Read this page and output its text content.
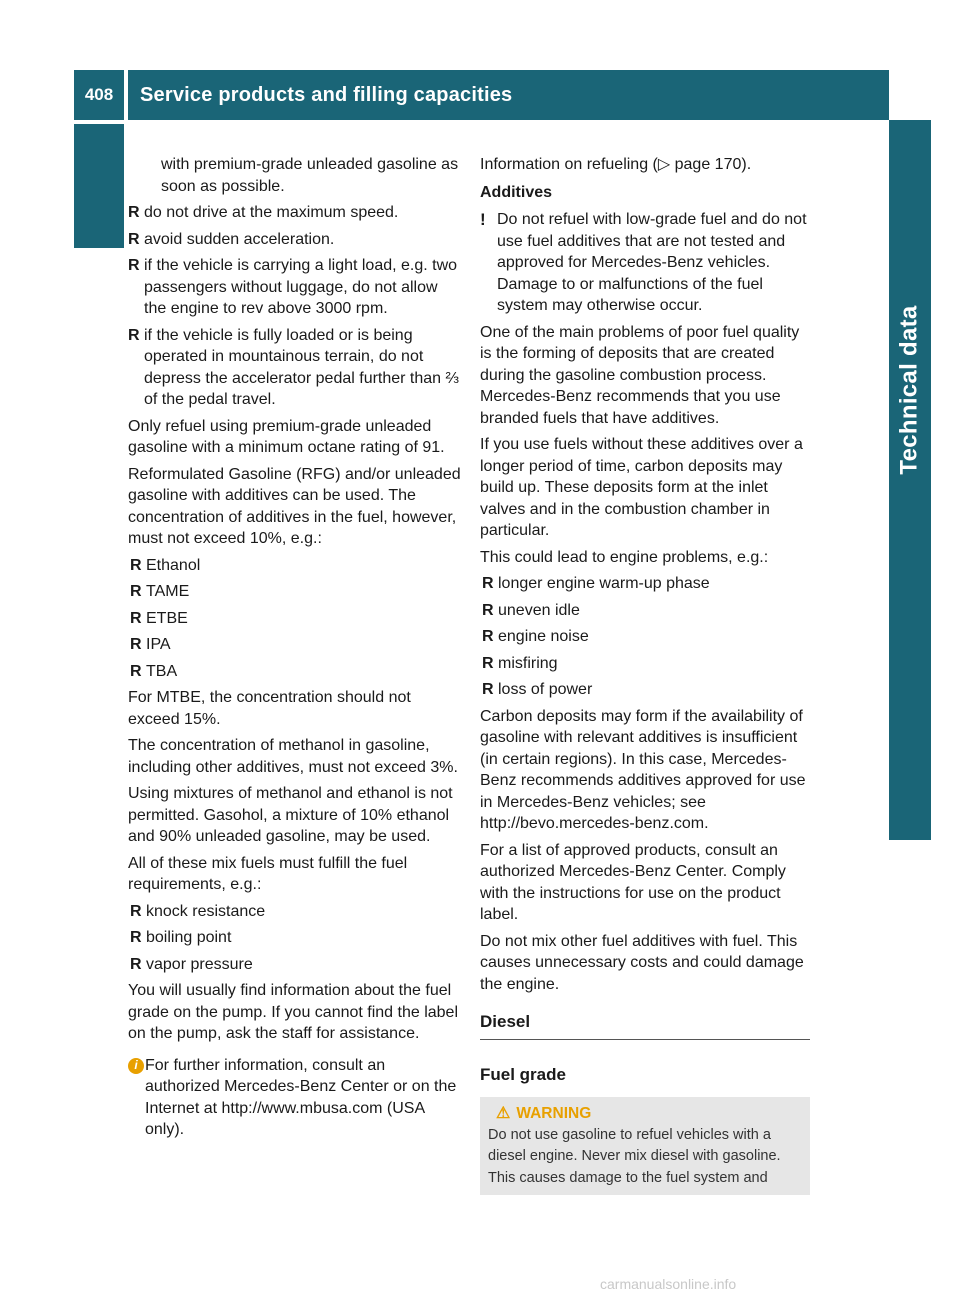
408	Service products and filling capacities
Technical data

with premium-grade unleaded gasoline as soon as possible.

R do not drive at the maximum speed.
R avoid sudden acceleration.
R if the vehicle is carrying a light load, e.g. two passengers without luggage, do not allow the engine to rev above 3000 rpm.
R if the vehicle is fully loaded or is being operated in mountainous terrain, do not depress the accelerator pedal further than ⅔ of the pedal travel.

Only refuel using premium-grade unleaded gasoline with a minimum octane rating of 91.

Reformulated Gasoline (RFG) and/or unleaded gasoline with additives can be used. The concentration of additives in the fuel, however, must not exceed 10%, e.g.:

R Ethanol
R TAME
R ETBE
R IPA
R TBA

For MTBE, the concentration should not exceed 15%.

The concentration of methanol in gasoline, including other additives, must not exceed 3%.

Using mixtures of methanol and ethanol is not permitted. Gasohol, a mixture of 10% ethanol and 90% unleaded gasoline, may be used.

All of these mix fuels must fulfill the fuel requirements, e.g.:

R knock resistance
R boiling point
R vapor pressure

You will usually find information about the fuel grade on the pump. If you cannot find the label on the pump, ask the staff for assistance.

i For further information, consult an authorized Mercedes-Benz Center or on the Internet at http://www.mbusa.com (USA only).

Information on refueling (▷ page 170).

Additives
! Do not refuel with low-grade fuel and do not use fuel additives that are not tested and approved for Mercedes-Benz vehicles. Damage to or malfunctions of the fuel system may otherwise occur.

One of the main problems of poor fuel quality is the forming of deposits that are created during the gasoline combustion process. Mercedes-Benz recommends that you use branded fuels that have additives.

If you use fuels without these additives over a longer period of time, carbon deposits may build up. These deposits form at the inlet valves and in the combustion chamber in particular.

This could lead to engine problems, e.g.:

R longer engine warm-up phase
R uneven idle
R engine noise
R misfiring
R loss of power

Carbon deposits may form if the availability of gasoline with relevant additives is insufficient (in certain regions). In this case, Mercedes-Benz recommends additives approved for use in Mercedes-Benz vehicles; see http://bevo.mercedes-benz.com.

For a list of approved products, consult an authorized Mercedes-Benz Center. Comply with the instructions for use on the product label.

Do not mix other fuel additives with fuel. This causes unnecessary costs and could damage the engine.

Diesel
Fuel grade
⚠ WARNING
Do not use gasoline to refuel vehicles with a diesel engine. Never mix diesel with gasoline. This causes damage to the fuel system and
carmanualsonline.info
